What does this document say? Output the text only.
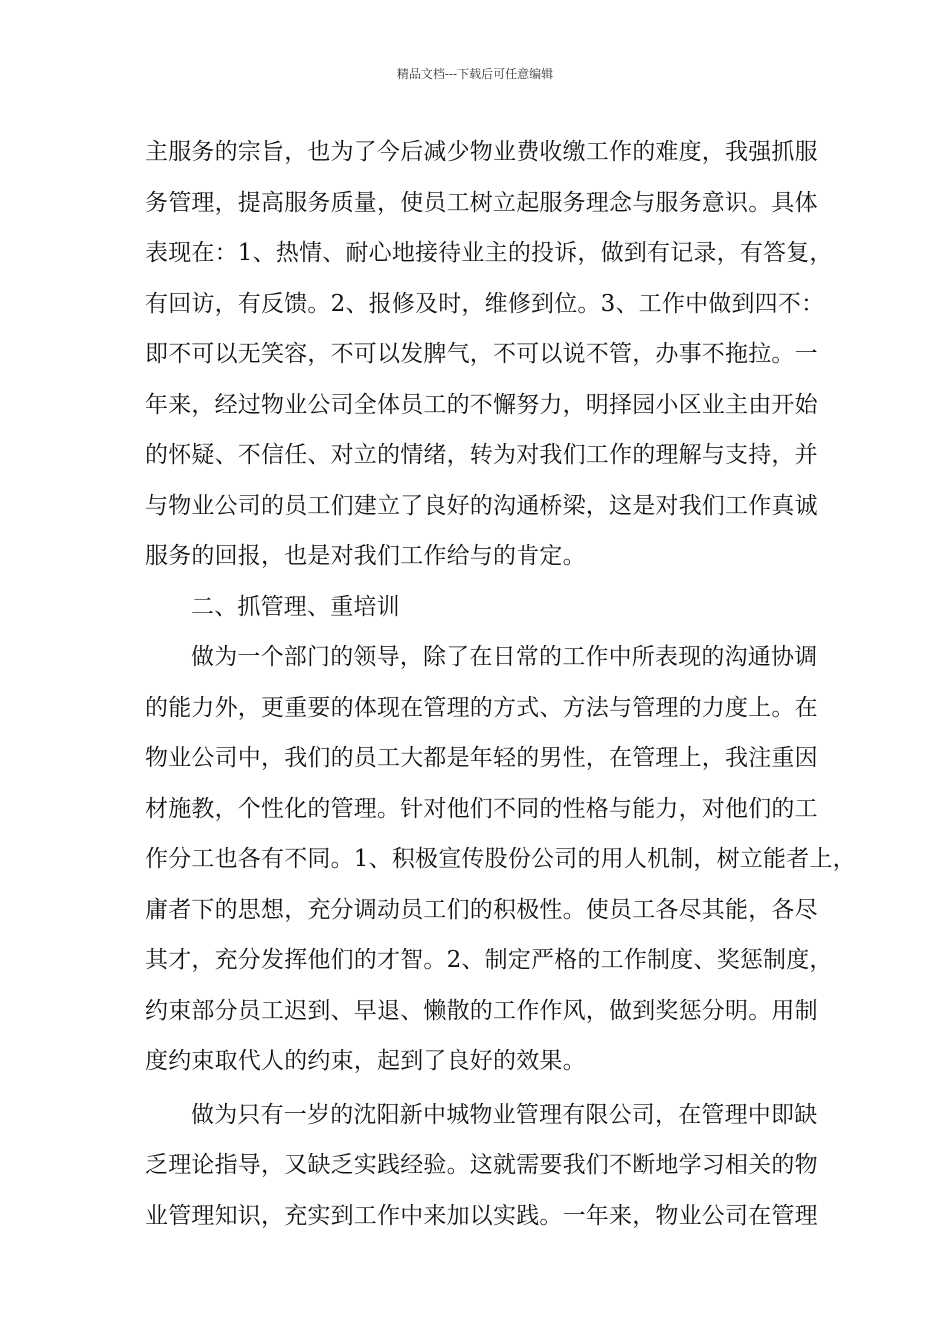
精品文档---下载后可任意编辑
主服务的宗旨，也为了今后减少物业费收缴工作的难度，我强抓服
务管理，提高服务质量，使员工树立起服务理念与服务意识。具体
表现在：1、热情、耐心地接待业主的投诉，做到有记录，有答复，
有回访，有反馈。2、报修及时，维修到位。3、工作中做到四不：
即不可以无笑容，不可以发脾气，不可以说不管，办事不拖拉。一
年来，经过物业公司全体员工的不懈努力，明择园小区业主由开始
的怀疑、不信任、对立的情绪，转为对我们工作的理解与支持，并
与物业公司的员工们建立了良好的沟通桥梁，这是对我们工作真诚
服务的回报，也是对我们工作给与的肯定。
二、抓管理、重培训
做为一个部门的领导，除了在日常的工作中所表现的沟通协调
的能力外，更重要的体现在管理的方式、方法与管理的力度上。在
物业公司中，我们的员工大都是年轻的男性，在管理上，我注重因
材施教，个性化的管理。针对他们不同的性格与能力，对他们的工
作分工也各有不同。1、积极宣传股份公司的用人机制，树立能者上，
庸者下的思想，充分调动员工们的积极性。使员工各尽其能，各尽
其才，充分发挥他们的才智。2、制定严格的工作制度、奖惩制度，
约束部分员工迟到、早退、懒散的工作作风，做到奖惩分明。用制
度约束取代人的约束，起到了良好的效果。
做为只有一岁的沈阳新中城物业管理有限公司，在管理中即缺
乏理论指导，又缺乏实践经验。这就需要我们不断地学习相关的物
业管理知识，充实到工作中来加以实践。一年来，物业公司在管理
